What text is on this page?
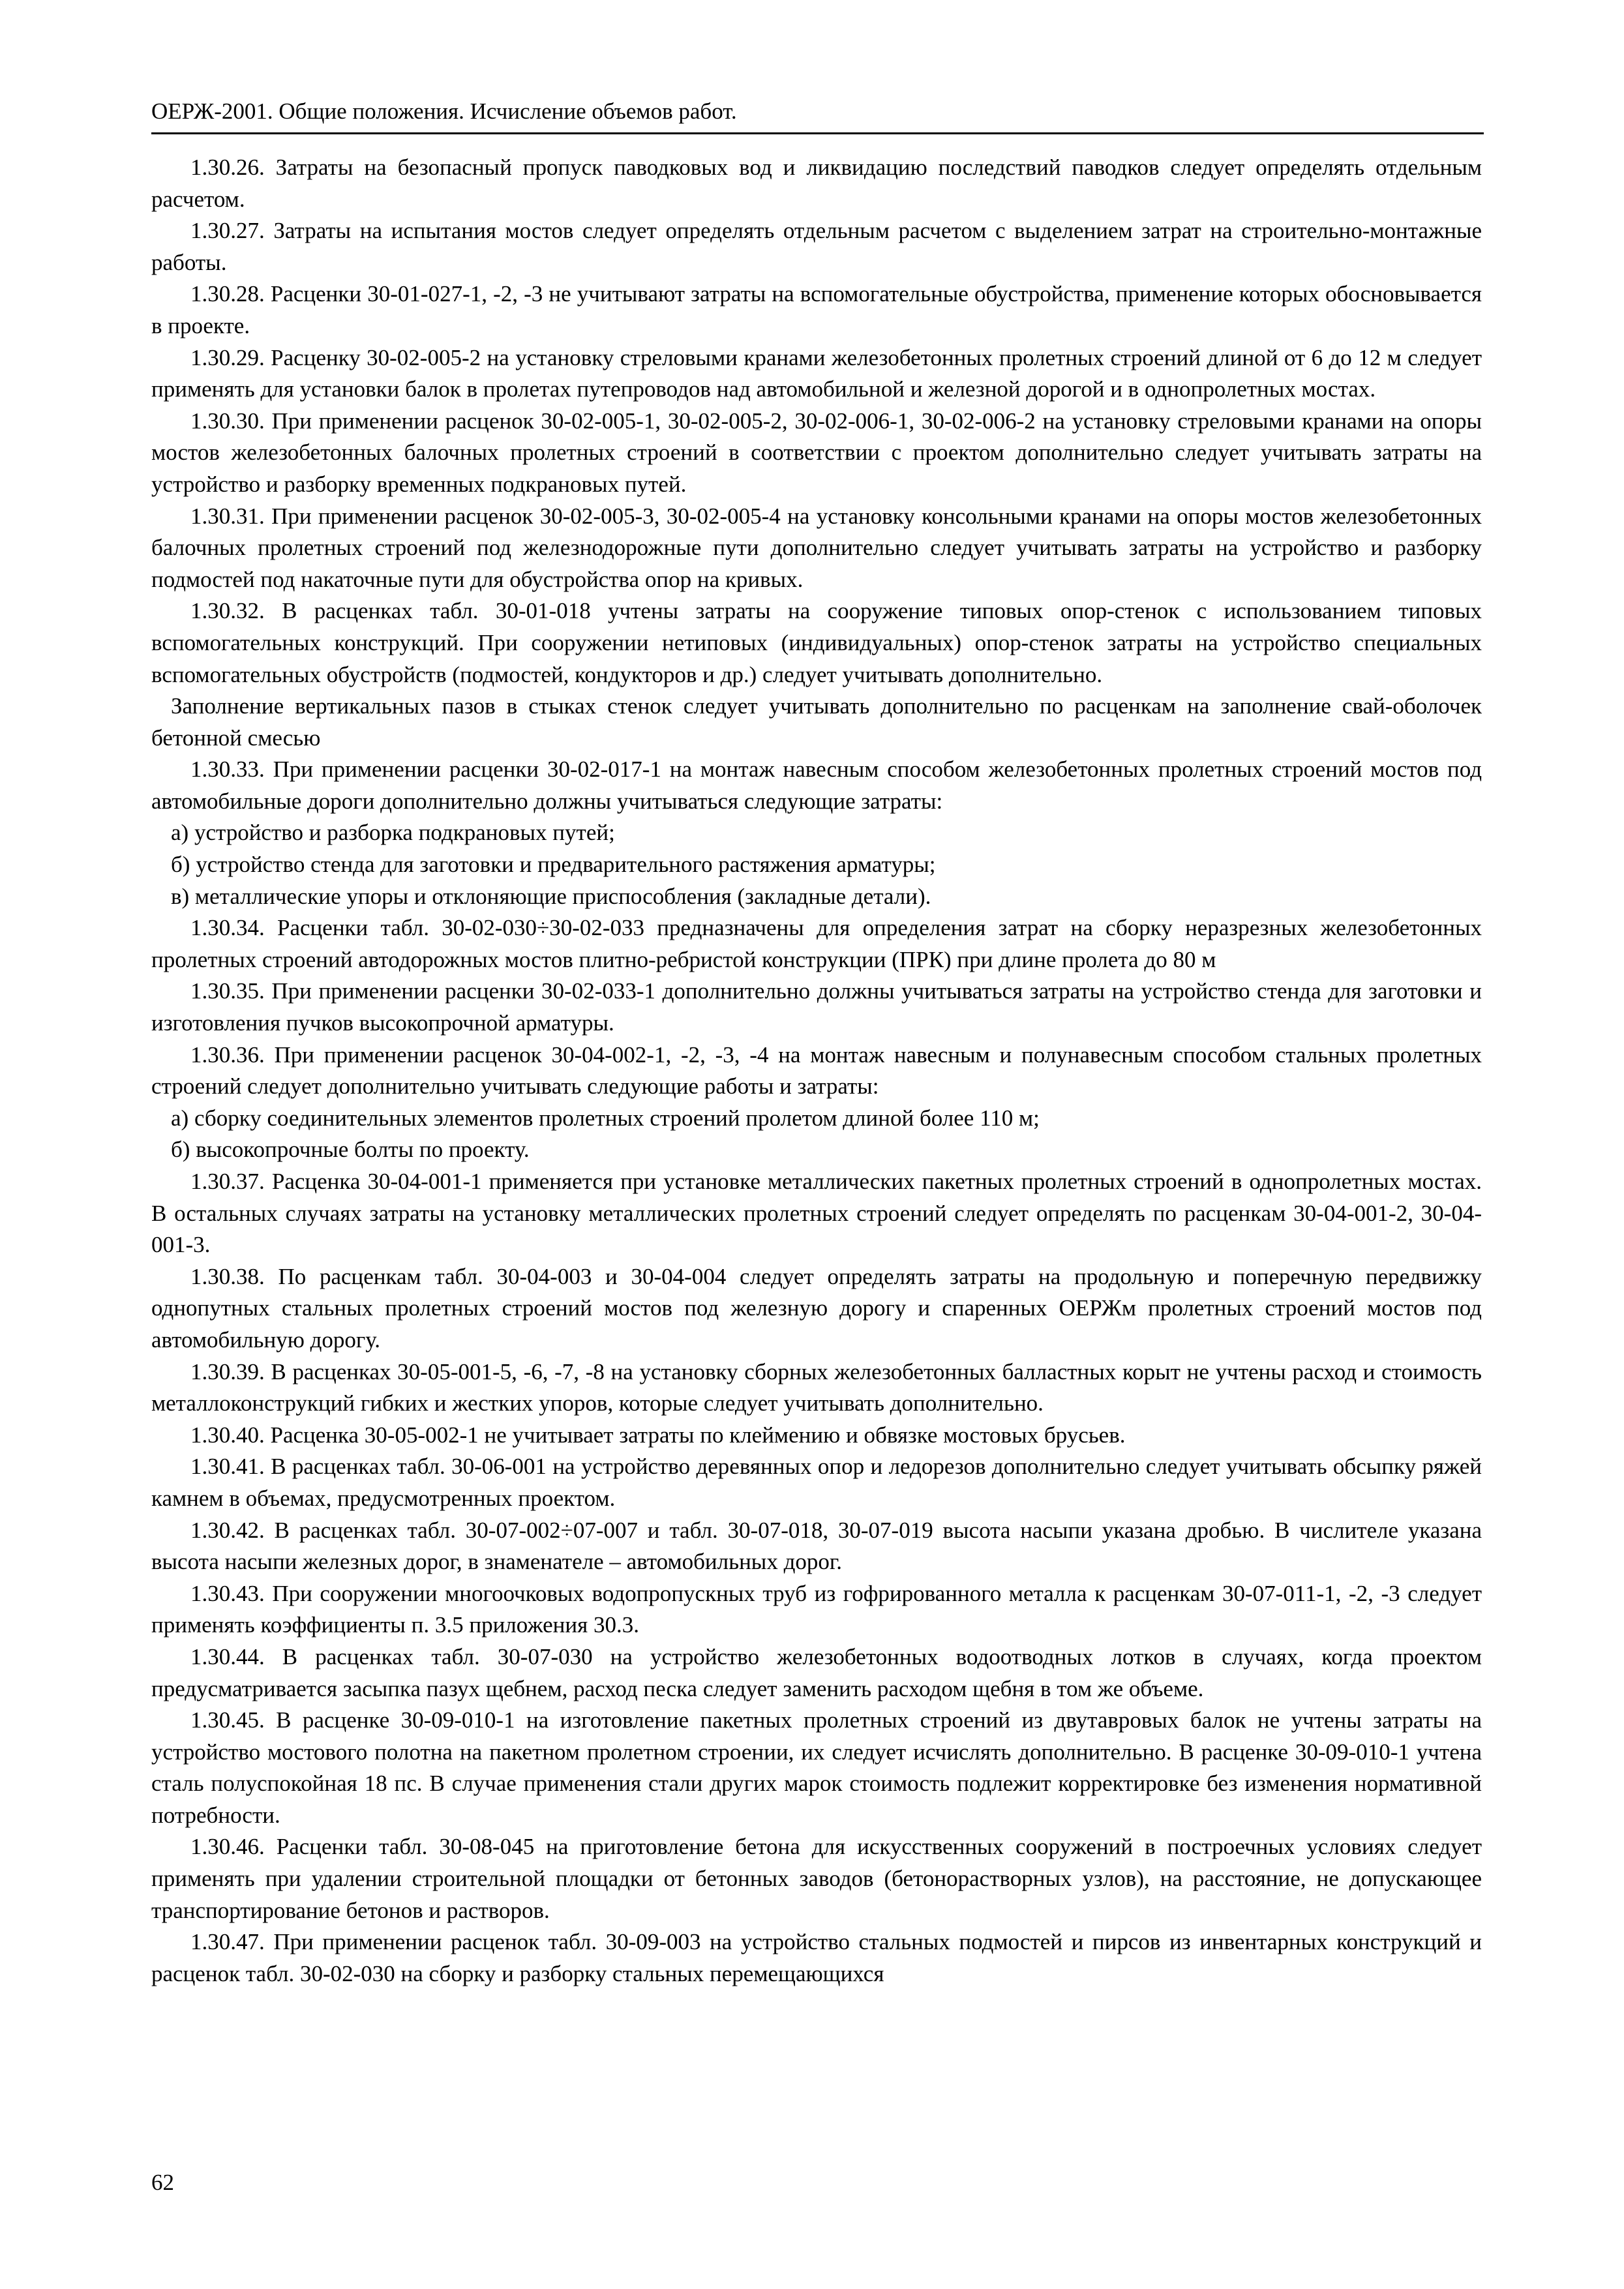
ОЕРЖ-2001. Общие положения. Исчисление объемов работ.

1.30.26. Затраты на безопасный пропуск паводковых вод и ликвидацию последствий паводков следует определять отдельным расчетом.

1.30.27. Затраты на испытания мостов следует определять отдельным расчетом с выделением затрат на строительно-монтажные работы.

1.30.28. Расценки 30-01-027-1, -2, -3 не учитывают затраты на вспомогательные обустройства, применение которых обосновывается в проекте.

1.30.29. Расценку 30-02-005-2 на установку стреловыми кранами железобетонных пролетных строений длиной от 6 до 12 м следует применять для установки балок в пролетах путепроводов над автомобильной и железной дорогой и в однопролетных мостах.

1.30.30. При применении расценок 30-02-005-1, 30-02-005-2, 30-02-006-1, 30-02-006-2 на установку стреловыми кранами на опоры мостов железобетонных балочных пролетных строений в соответствии с проектом дополнительно следует учитывать затраты на устройство и разборку временных подкрановых путей.

1.30.31. При применении расценок 30-02-005-3, 30-02-005-4 на установку консольными кранами на опоры мостов железобетонных балочных пролетных строений под железнодорожные пути дополнительно следует учитывать затраты на устройство и разборку подмостей под накаточные пути для обустройства опор на кривых.

1.30.32. В расценках табл. 30-01-018 учтены затраты на сооружение типовых опор-стенок с использованием типовых вспомогательных конструкций. При сооружении нетиповых (индивидуальных) опор-стенок затраты на устройство специальных вспомогательных обустройств (подмостей, кондукторов и др.) следует учитывать дополнительно.

Заполнение вертикальных пазов в стыках стенок следует учитывать дополнительно по расценкам на заполнение свай-оболочек бетонной смесью

1.30.33. При применении расценки 30-02-017-1 на монтаж навесным способом железобетонных пролетных строений мостов под автомобильные дороги дополнительно должны учитываться следующие затраты:

а) устройство и разборка подкрановых путей;

б) устройство стенда для заготовки и предварительного растяжения арматуры;

в) металлические упоры и отклоняющие приспособления (закладные детали).

1.30.34. Расценки табл. 30-02-030÷30-02-033 предназначены для определения затрат на сборку неразрезных железобетонных пролетных строений автодорожных мостов плитно-ребристой конструкции (ПРК) при длине пролета до 80 м

1.30.35. При применении расценки 30-02-033-1 дополнительно должны учитываться затраты на устройство стенда для заготовки и изготовления пучков высокопрочной арматуры.

1.30.36. При применении расценок 30-04-002-1, -2, -3, -4 на монтаж навесным и полунавесным способом стальных пролетных строений следует дополнительно учитывать следующие работы и затраты:

а) сборку соединительных элементов пролетных строений пролетом длиной более 110 м;

б) высокопрочные болты по проекту.

1.30.37. Расценка 30-04-001-1 применяется при установке металлических пакетных пролетных строений в однопролетных мостах. В остальных случаях затраты на установку металлических пролетных строений следует определять по расценкам 30-04-001-2, 30-04-001-3.

1.30.38. По расценкам табл. 30-04-003 и 30-04-004 следует определять затраты на продольную и поперечную передвижку однопутных стальных пролетных строений мостов под железную дорогу и спаренных ОЕРЖм пролетных строений мостов под автомобильную дорогу.

1.30.39. В расценках 30-05-001-5, -6, -7, -8 на установку сборных железобетонных балластных корыт не учтены расход и стоимость металлоконструкций гибких и жестких упоров, которые следует учитывать дополнительно.

1.30.40. Расценка 30-05-002-1 не учитывает затраты по клеймению и обвязке мостовых брусьев.

1.30.41. В расценках табл. 30-06-001 на устройство деревянных опор и ледорезов дополнительно следует учитывать обсыпку ряжей камнем в объемах, предусмотренных проектом.

1.30.42. В расценках табл. 30-07-002÷07-007 и табл. 30-07-018, 30-07-019 высота насыпи указана дробью. В числителе указана высота насыпи железных дорог, в знаменателе – автомобильных дорог.

1.30.43. При сооружении многоочковых водопропускных труб из гофрированного металла к расценкам 30-07-011-1, -2, -3 следует применять коэффициенты п. 3.5 приложения 30.3.

1.30.44. В расценках табл. 30-07-030 на устройство железобетонных водоотводных лотков в случаях, когда проектом предусматривается засыпка пазух щебнем, расход песка следует заменить расходом щебня в том же объеме.

1.30.45. В расценке 30-09-010-1 на изготовление пакетных пролетных строений из двутавровых балок не учтены затраты на устройство мостового полотна на пакетном пролетном строении, их следует исчислять дополнительно. В расценке 30-09-010-1 учтена сталь полуспокойная 18 пс. В случае применения стали других марок стоимость подлежит корректировке без изменения нормативной потребности.

1.30.46. Расценки табл. 30-08-045 на приготовление бетона для искусственных сооружений в построечных условиях следует применять при удалении строительной площадки от бетонных заводов (бетонорастворных узлов), на расстояние, не допускающее транспортирование бетонов и растворов.

1.30.47. При применении расценок табл. 30-09-003 на устройство стальных подмостей и пирсов из инвентарных конструкций и расценок табл. 30-02-030 на сборку и разборку стальных перемещающихся

62
